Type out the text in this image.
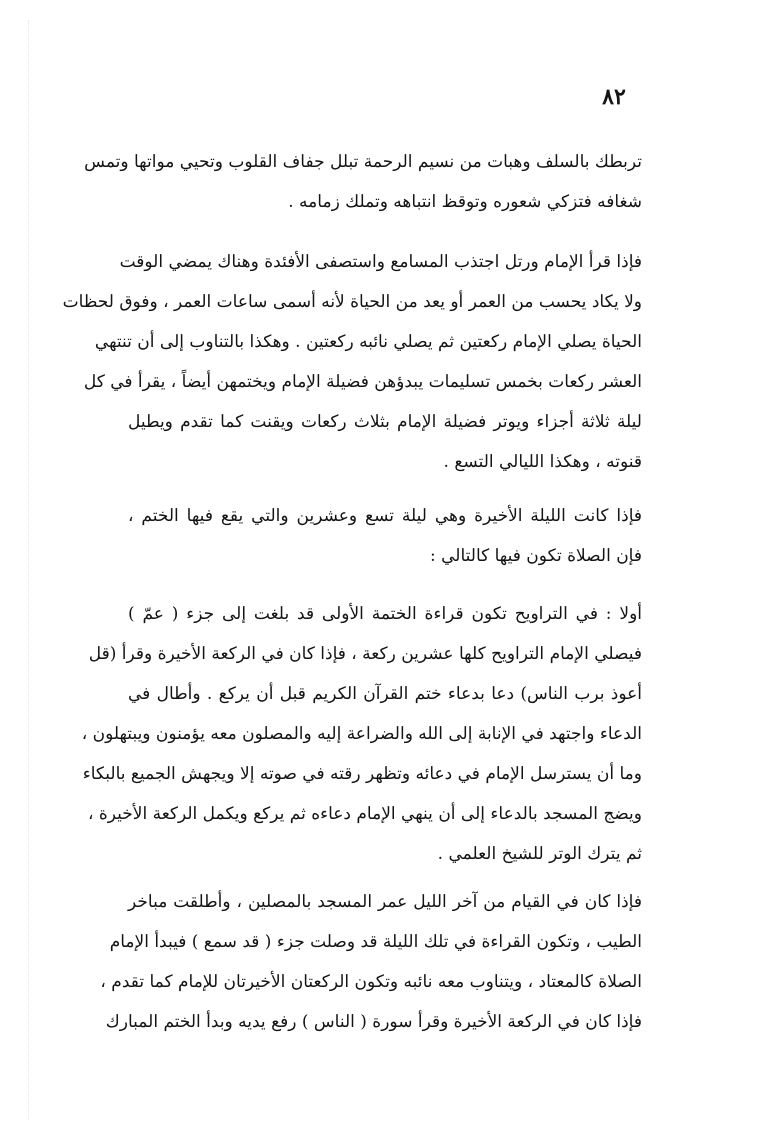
٨٢
تربطك بالسلف وهبات من نسيم الرحمة تبلل جفاف القلوب وتحيي مواتها وتمس
شغافه فتزكي شعوره وتوقظ انتباهه وتملك زمامه .
فإذا قرأ الإمام ورتل اجتذب المسامع واستصفى الأفئدة وهناك يمضي الوقت
ولا يكاد يحسب من العمر أو يعد من الحياة لأنه أسمى ساعات العمر ، وفوق لحظات
الحياة يصلي الإمام ركعتين ثم يصلي نائبه ركعتين . وهكذا بالتناوب إلى أن تنتهي
العشر ركعات بخمس تسليمات يبدؤهن فضيلة الإمام ويختمهن أيضاً ، يقرأ في كل
ليلة ثلاثة أجزاء ويوتر فضيلة الإمام بثلاث ركعات ويقنت كما تقدم ويطيل
قنوته ، وهكذا الليالي التسع .
فإذا كانت الليلة الأخيرة وهي ليلة تسع وعشرين والتي يقع فيها الختم ،
فإن الصلاة تكون فيها كالتالي :
أولا : في التراويح تكون قراءة الختمة الأولى قد بلغت إلى جزء ( عمّ )
فيصلي الإمام التراويح كلها عشرين ركعة ، فإذا كان في الركعة الأخيرة وقرأ (قل
أعوذ برب الناس) دعا بدعاء ختم القرآن الكريم قبل أن يركع . وأطال في
الدعاء واجتهد في الإنابة إلى الله والضراعة إليه والمصلون معه يؤمنون ويبتهلون ،
وما أن يسترسل الإمام في دعائه وتظهر رقته في صوته إلا ويجهش الجميع بالبكاء
ويضج المسجد بالدعاء إلى أن ينهي الإمام دعاءه ثم يركع ويكمل الركعة الأخيرة ،
ثم يترك الوتر للشيخ العلمي .
فإذا كان في القيام من آخر الليل عمر المسجد بالمصلين ، وأطلقت مباخر
الطيب ، وتكون القراءة في تلك الليلة قد وصلت جزء ( قد سمع ) فيبدأ الإمام
الصلاة كالمعتاد ، ويتناوب معه نائبه وتكون الركعتان الأخيرتان للإمام كما تقدم ،
فإذا كان في الركعة الأخيرة وقرأ سورة ( الناس ) رفع يديه وبدأ الختم المبارك
